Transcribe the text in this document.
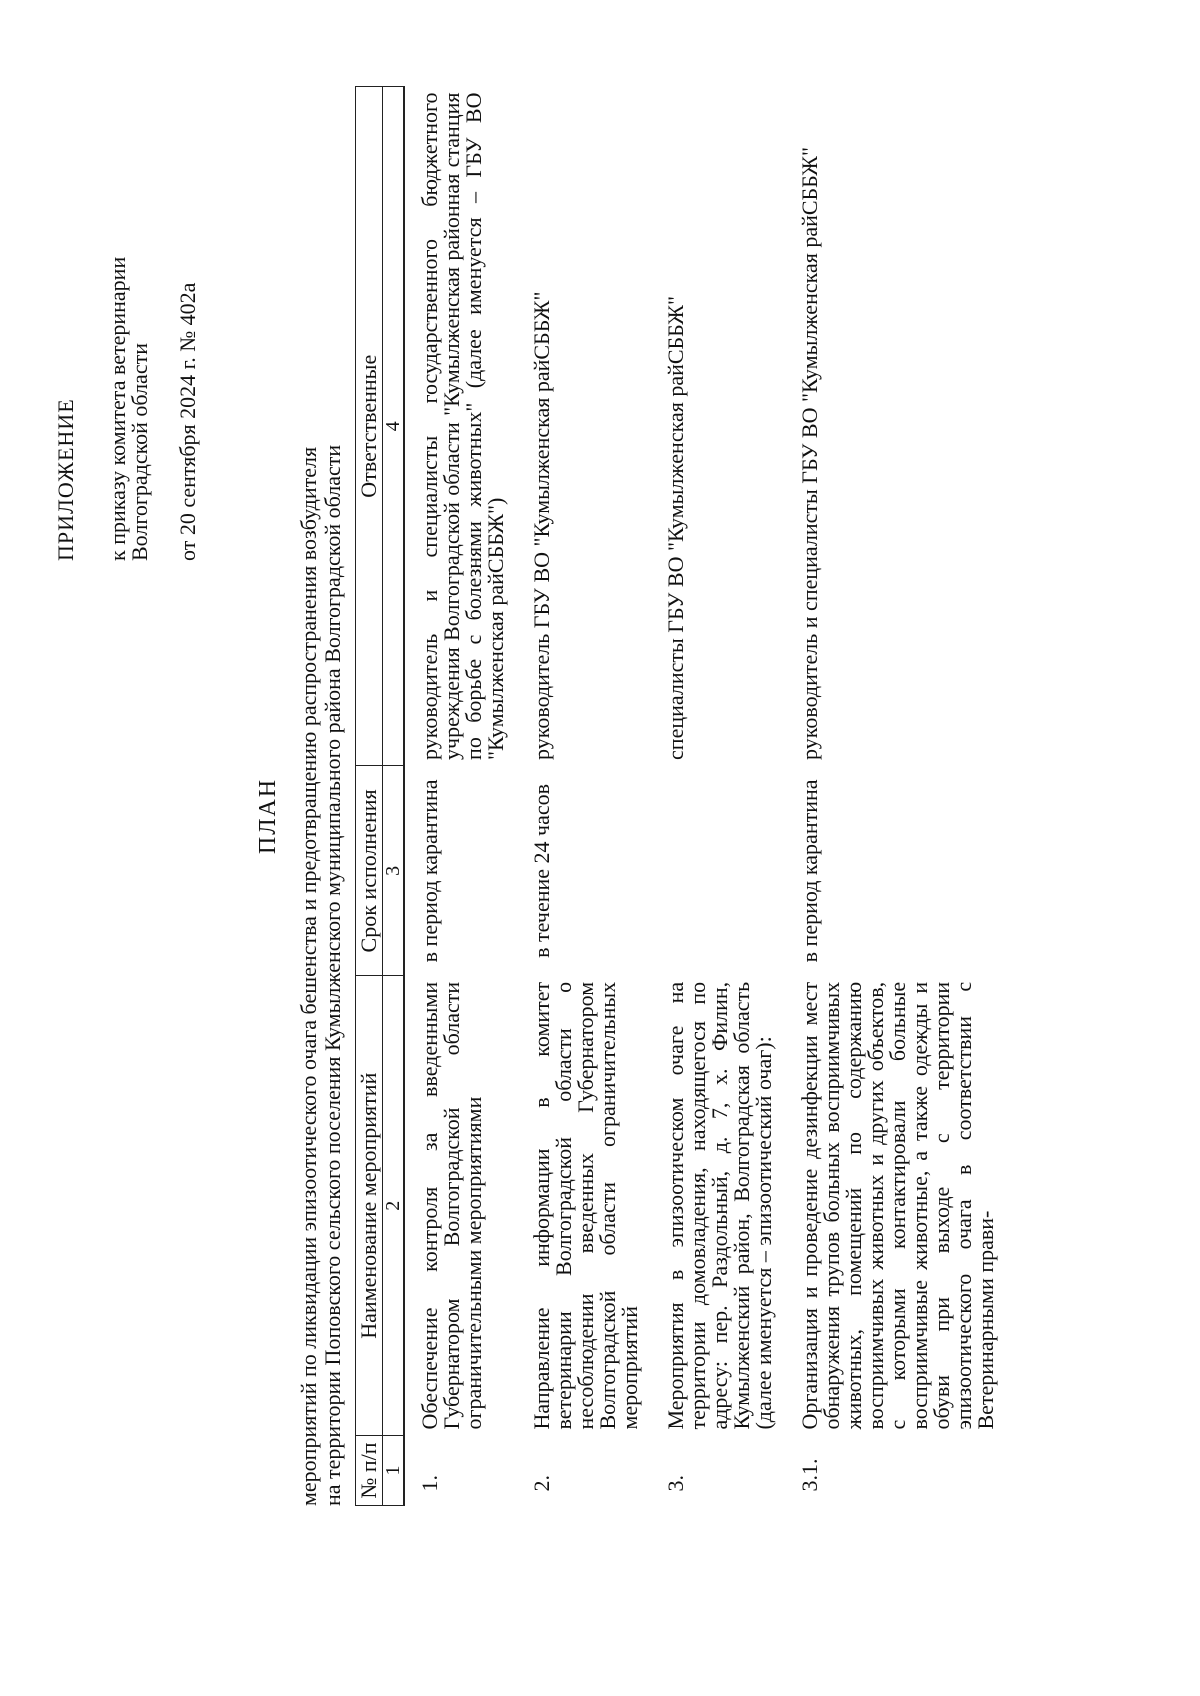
ПРИЛОЖЕНИЕ к приказу комитета ветеринарии
Волгоградской области от 20 сентября 2024 г. № 402а
ПЛАН мероприятий по ликвидации эпизоотического очага бешенства и предотвращению распространения возбудителя на территории Поповского сельского поселения Кумылженского муниципального района Волгоградской области № п/п	Наименование мероприятий	Срок исполнения	Ответственные
1	2	3	4
1.	Обеспечение контроля за введенными Губернатором Волгоградской области ограничительными мероприятиями	в период карантина	руководитель и специалисты государственного бюджетного учреждения Волгоградской области "Кумылженская районная станция по борьбе с болезнями животных" (далее именуется – ГБУ ВО "Кумылженская райСББЖ")
2.	Направление информации в комитет ветеринарии Волгоградской области о несоблюдении введенных Губернатором Волгоградской области ограничительных мероприятий	в течение 24 часов	руководитель ГБУ ВО "Кумылженская райСББЖ"
3.	Мероприятия в эпизоотическом очаге на территории домовладения, находящегося по адресу: пер. Раздольный, д. 7, х. Филин, Кумылженский район, Волгоградская область (далее именуется – эпизоотический очаг):		специалисты ГБУ ВО "Кумылженская райСББЖ"
3.1.	Организация и проведение дезинфекции мест обнаружения трупов больных восприимчивых животных, помещений по содержанию восприимчивых животных и других объектов, с которыми контактировали больные восприимчивые животные, а также одежды и обуви при выходе с территории эпизоотического очага в соответствии с Ветеринарными прави-	в период карантина	руководитель и специалисты ГБУ ВО "Кумылженская райСББЖ"
